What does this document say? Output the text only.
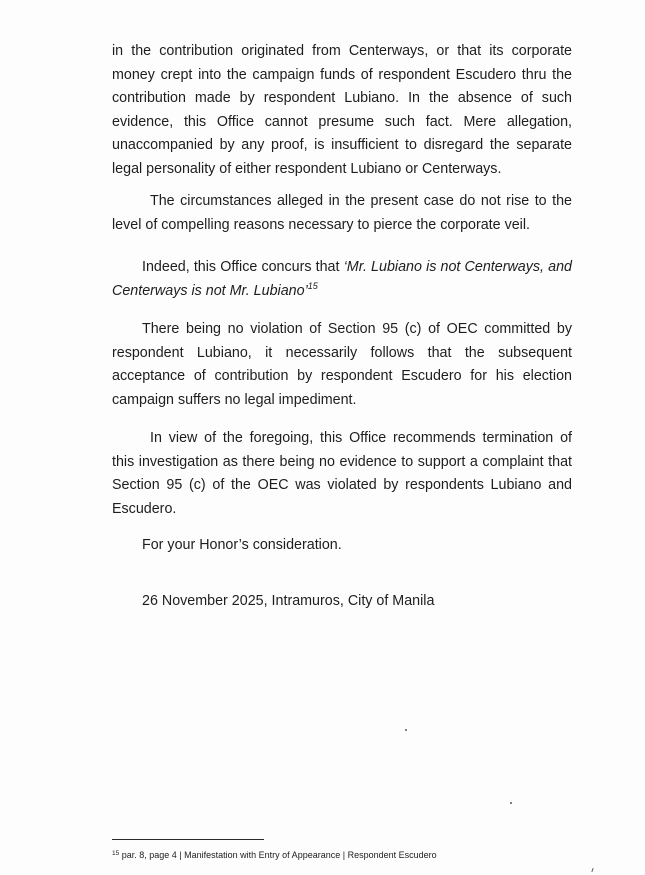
in the contribution originated from Centerways, or that its corporate money crept into the campaign funds of respondent Escudero thru the contribution made by respondent Lubiano. In the absence of such evidence, this Office cannot presume such fact. Mere allegation, unaccompanied by any proof, is insufficient to disregard the separate legal personality of either respondent Lubiano or Centerways.

The circumstances alleged in the present case do not rise to the level of compelling reasons necessary to pierce the corporate veil.

Indeed, this Office concurs that ‘Mr. Lubiano is not Centerways, and Centerways is not Mr. Lubiano’$^{15}$

There being no violation of Section 95 (c) of OEC committed by respondent Lubiano, it necessarily follows that the subsequent acceptance of contribution by respondent Escudero for his election campaign suffers no legal impediment.

In view of the foregoing, this Office recommends termination of this investigation as there being no evidence to support a complaint that Section 95 (c) of the OEC was violated by respondents Lubiano and Escudero.

For your Honor’s consideration.

26 November 2025, Intramuros, City of Manila

$^{15}$ par. 8, page 4 | Manifestation with Entry of Appearance | Respondent Escudero
